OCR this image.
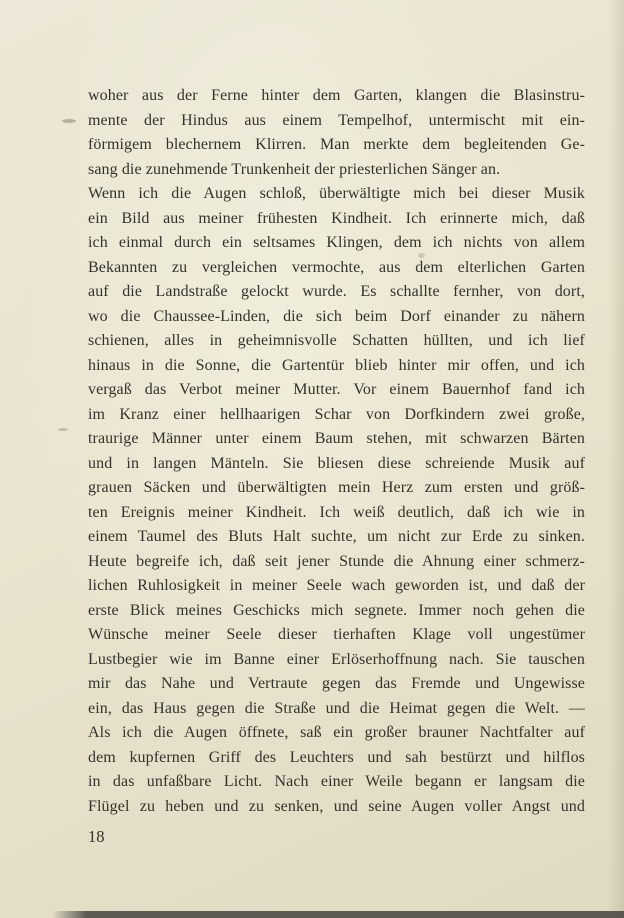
woher aus der Ferne hinter dem Garten, klangen die Blasinstru-
mente der Hindus aus einem Tempelhof, untermischt mit ein-
förmigem blechernem Klirren. Man merkte dem begleitenden Ge-
sang die zunehmende Trunkenheit der priesterlichen Sänger an.
Wenn ich die Augen schloß, überwältigte mich bei dieser Musik
ein Bild aus meiner frühesten Kindheit. Ich erinnerte mich, daß
ich einmal durch ein seltsames Klingen, dem ich nichts von allem
Bekannten zu vergleichen vermochte, aus dem elterlichen Garten
auf die Landstraße gelockt wurde. Es schallte fernher, von dort,
wo die Chaussee-Linden, die sich beim Dorf einander zu nähern
schienen, alles in geheimnisvolle Schatten hüllten, und ich lief
hinaus in die Sonne, die Gartentür blieb hinter mir offen, und ich
vergaß das Verbot meiner Mutter. Vor einem Bauernhof fand ich
im Kranz einer hellhaarigen Schar von Dorfkindern zwei große,
traurige Männer unter einem Baum stehen, mit schwarzen Bärten
und in langen Mänteln. Sie bliesen diese schreiende Musik auf
grauen Säcken und überwältigten mein Herz zum ersten und größ-
ten Ereignis meiner Kindheit. Ich weiß deutlich, daß ich wie in
einem Taumel des Bluts Halt suchte, um nicht zur Erde zu sinken.
Heute begreife ich, daß seit jener Stunde die Ahnung einer schmerz-
lichen Ruhlosigkeit in meiner Seele wach geworden ist, und daß der
erste Blick meines Geschicks mich segnete. Immer noch gehen die
Wünsche meiner Seele dieser tierhaften Klage voll ungestümer
Lustbegier wie im Banne einer Erlöserhoffnung nach. Sie tauschen
mir das Nahe und Vertraute gegen das Fremde und Ungewisse
ein, das Haus gegen die Straße und die Heimat gegen die Welt. —
Als ich die Augen öffnete, saß ein großer brauner Nachtfalter auf
dem kupfernen Griff des Leuchters und sah bestürzt und hilflos
in das unfaßbare Licht. Nach einer Weile begann er langsam die
Flügel zu heben und zu senken, und seine Augen voller Angst und
18
